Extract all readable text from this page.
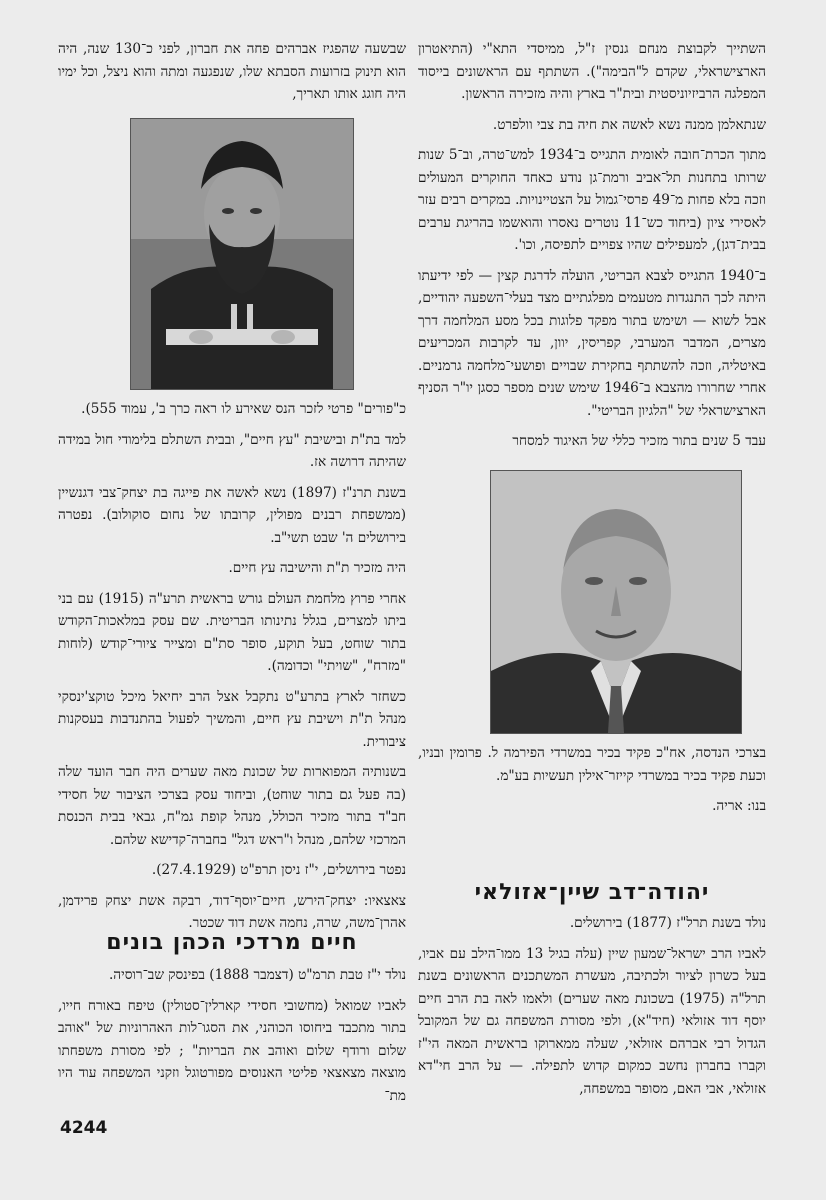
השתייך לקבוצת מנחם גנסין ז"ל, ממיסדי התא"י (התיאטרון הארצישראלי, שקדם ל"הבימה"). השתתף עם הראשונים בייסוד המפלגה הרביזיוניסטית ובית"ר בארץ והיה מזכירה הראשון.

שנתאלמן ממנה נשא לאשה את חיה בת צבי וולפרט.

מתוך הכרת־חובה לאומית התגייס ב־1934 למש־טרה, וב־5 שנות שרותו בתחנות תל־אביב ורמת־גן נודע כאחד החוקרים המעולים וזכה בלא פחות מ־49 פרסי־גמול על הצטיינויות. במקרים רבים עזר לאסירי ציון (ביחוד כש־11 נוטרים נאסרו והואשמו בהריגת ערבים בבית־דגן), למעפילים שהיו צפויים לתפיסה, וכו'.

ב־1940 התגייס לצבא הבריטי, הועלה לדרגת קצין — לפי ידיעתו היתה לכך התנגדות מטעמים מפלגתיים מצד בעלי־השפעה יהודיים, אבל לשוא — ושימש בתור מפקד פלוגות בכל מסע המלחמה דרך מצרים, המדבר המערבי, קפריסין, יוון, עד לקרבות המכריעים באיטליה, וזכה להשתתף בחקירת שבויים ופושעי־מלחמה גרמניים. אחרי שחרורו מהצבא ב־1946 שימש שנים מספר כסגן יו"ר הסניף הארצישראלי של "הלגיון הבריטי".

עבד 5 שנים בתור מזכיר כללי של האיגוד למסחר

בצרכי הנדסה, אח"כ פקיד בכיר במשרדי הפירמה ל. פרומין ובניו, וכעת פקיד בכיר במשרדי קייזר־אילין תעשיות בע"מ.

בנו: אריה.

יהודה־דב שיין־אזולאי

נולד בשנת תרל"ז (1877) בירושלים.

לאביו הרב ישראל־שמעון שיין (עלה בגיל 13 ממו־הילב עם אביו, בעל כשרון לציור ולכתיבה, מעשרת המשתכנים הראשונים בשנת תרל"ה (1975) בשכונת מאה שערים) ולאמו לאה בת הרב חיים יוסף דוד אזולאי (חיד"א), ולפי מסורת המשפחה גם של המקובל הגדול רבי אברהם אזולאי, שעלה ממארוקו בראשית המאה הי"ז וקברו בחברון נחשב כמקום קדוש לתפילה. — על הרב חי"דא אזולאי, אבי האם, מסופר במשפחה,

שבשעה שהפגיז אברהים פחה את חברון, לפני כ־130 שנה, היה הוא תינוק בזרועות הסבתא שלו, שנפגעה ומתה והוא ניצל, וכל ימיו היה חוגג אותו תאריך,

כ"פורים" פרטי לזכר הנס שאירע לו ראה כרך ב', עמוד 555).

למד בת"ת ובישיבת "עץ חיים", ובבית השתלם בלימודי חול במידה שהיתה דרושה אז.

בשנת תרנ"ז (1897) נשא לאשה את פייגה בת יצחק־צבי דגנשיין (ממשפחת רבנים מפולין, קרובתו של נחום סוקולוב). נפטרה בירושלים ה' שבט תשי"ב.

היה מזכיר ת"ת והישיבה עץ חיים.

אחרי פרוץ מלחמת העולם גורש בראשית תרע"ה (1915) עם בני ביתו למצרים, בגלל נתינותו הבריטית. שם עסק במלאכות־הקודש בתור שוחט, בעל תוקע, סופר סת"ם ומצייר ציורי־קודש (לוחות "מזרח", "שויתי" וכדומה).

כשחזר לארץ בתרע"ט נתקבל אצל הרב יחיאל מיכל טוקצ'ינסקי מנהל ת"ת וישיבת עץ חיים, והמשיך לפעול בהתנדבות בעסקנות ציבורית.

בשנותיה המפוארות של שכונת מאה שערים היה חבר הועד שלה (בה פעל גם בתור שוחט), וביחוד עסק בצרכי הציבור של חסידי חב"ד בתור מזכיר הכולל, מנהל קופת גמ"ח, גבאי בבית הכנסת המרכזי שלהם, מנהל ו"ראש דגל" בחברה־קדישא שלהם.

נפטר בירושלים, י"ז ניסן תרפ"ט (27.4.1929).

צאצאיו: יצחק־הירש, חיים־יוסף־דוד, רבקה אשת יצחק פרידמן, אהרן־משה, שרה, נחמה אשת דוד שכטר.

חיים מרדכי הכהן בונים

נולד י"ז טבת תרמ"ט (דצמבר 1888) בפינסק שב־רוסיה.

לאביו שמואל (מחשובי חסידי קארלין־סטולין) טיפח באורח חייו, בתור מתכבד ביחוסו הכוהני, את הסגו־לות האהרוניות של "אוהב שלום ורודף שלום ואוהב את הבריות" ; לפי מסורת משפחתו מוצאה מצאצאי פליטי האנוסים מפורטוגל וזקני המשפחה עוד היו מת־

4244
